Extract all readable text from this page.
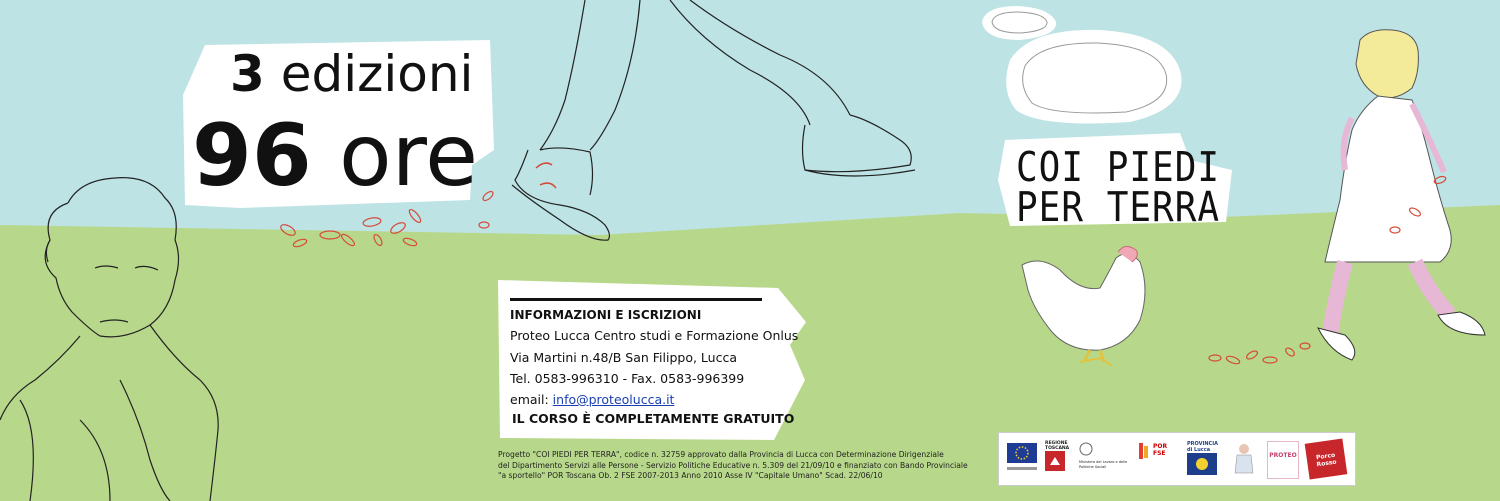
3 edizioni
96 ore	COI PIEDI
PER TERRA
INFORMAZIONI E ISCRIZIONI
Proteo Lucca Centro studi e Formazione Onlus
Via Martini n.48/B San Filippo, Lucca
Tel. 0583-996310 - Fax. 0583-996399
email: info@proteolucca.it
IL CORSO È COMPLETAMENTE GRATUITO
Progetto "COI PIEDI PER TERRA", codice n. 32759 approvato dalla Provincia di Lucca con Determinazione Dirigenziale
del Dipartimento Servizi alle Persone - Servizio Politiche Educative n. 5.309 del 21/09/10 e finanziato con Bando Provinciale
"a sportello" POR Toscana Ob. 2 FSE 2007-2013 Anno 2010 Asse IV "Capitale Umano" Scad. 22/06/10
REGIONE TOSCANA
Ministero del Lavoro e delle Politiche Sociali
POR FSE
PROVINCIA di Lucca
PROTEO	Porco Rosso
